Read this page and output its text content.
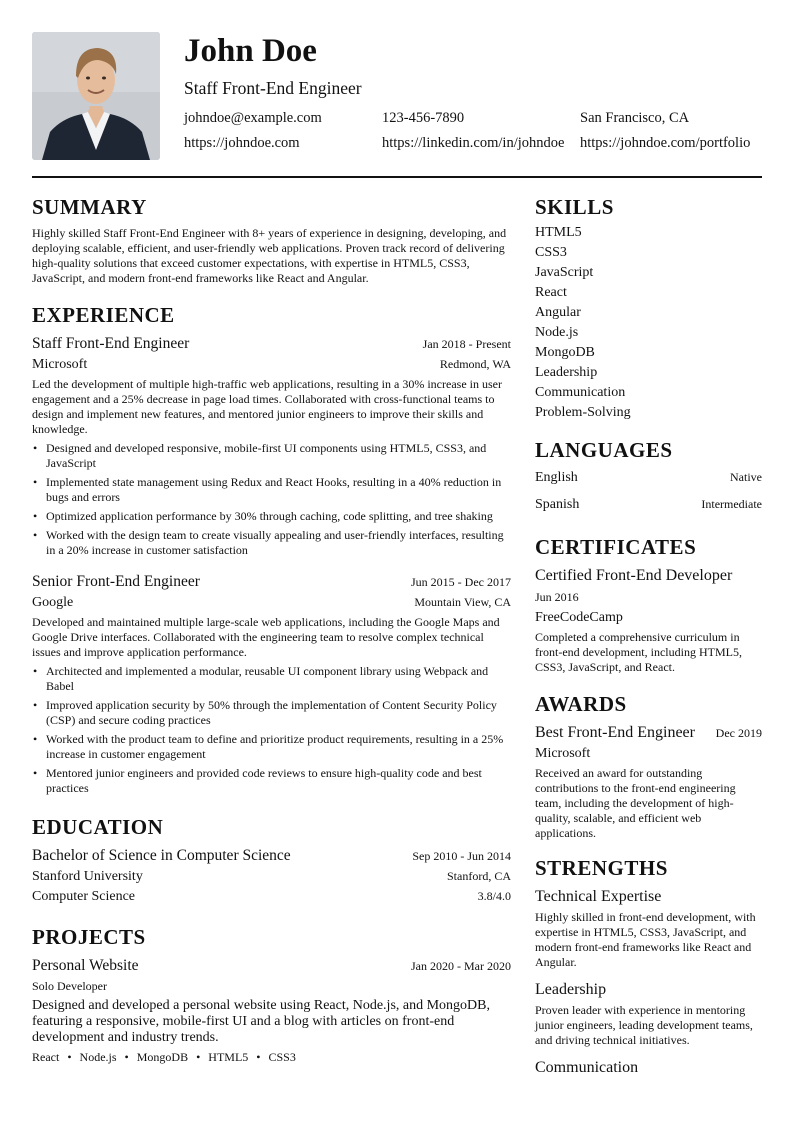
John Doe
Staff Front-End Engineer
johndoe@example.com	123-456-7890	San Francisco, CA
https://johndoe.com	https://linkedin.com/in/johndoe https://johndoe.com/portfolio
SUMMARY
Highly skilled Staff Front-End Engineer with 8+ years of experience in designing, developing, and deploying scalable, efficient, and user-friendly web applications. Proven track record of delivering high-quality solutions that exceed customer expectations, with expertise in HTML5, CSS3, JavaScript, and modern front-end frameworks like React and Angular.
EXPERIENCE
Staff Front-End Engineer	Jan 2018 - Present
Microsoft	Redmond, WA
Led the development of multiple high-traffic web applications, resulting in a 30% increase in user engagement and a 25% decrease in page load times. Collaborated with cross-functional teams to design and implement new features, and mentored junior engineers to improve their skills and knowledge.
• Designed and developed responsive, mobile-first UI components using HTML5, CSS3, and JavaScript
• Implemented state management using Redux and React Hooks, resulting in a 40% reduction in bugs and errors
• Optimized application performance by 30% through caching, code splitting, and tree shaking
• Worked with the design team to create visually appealing and user-friendly interfaces, resulting in a 20% increase in customer satisfaction
Senior Front-End Engineer	Jun 2015 - Dec 2017
Google	Mountain View, CA
Developed and maintained multiple large-scale web applications, including the Google Maps and Google Drive interfaces. Collaborated with the engineering team to resolve complex technical issues and improve application performance.
• Architected and implemented a modular, reusable UI component library using Webpack and Babel
• Improved application security by 50% through the implementation of Content Security Policy (CSP) and secure coding practices
• Worked with the product team to define and prioritize product requirements, resulting in a 25% increase in customer engagement
• Mentored junior engineers and provided code reviews to ensure high-quality code and best practices
EDUCATION
Bachelor of Science in Computer Science	Sep 2010 - Jun 2014
Stanford University	Stanford, CA
Computer Science	3.8/4.0
PROJECTS
Personal Website	Jan 2020 - Mar 2020
Solo Developer
Designed and developed a personal website using React, Node.js, and MongoDB, featuring a responsive, mobile-first UI and a blog with articles on front-end development and industry trends.
React • Node.js • MongoDB • HTML5 • CSS3
SKILLS
HTML5
CSS3
JavaScript
React
Angular
Node.js
MongoDB
Leadership
Communication
Problem-Solving
LANGUAGES
English	Native
Spanish	Intermediate
CERTIFICATES
Certified Front-End Developer
Jun 2016
FreeCodeCamp
Completed a comprehensive curriculum in front-end development, including HTML5, CSS3, JavaScript, and React.
AWARDS
Best Front-End Engineer Dec 2019
Microsoft
Received an award for outstanding contributions to the front-end engineering team, including the development of high-quality, scalable, and efficient web applications.
STRENGTHS
Technical Expertise
Highly skilled in front-end development, with expertise in HTML5, CSS3, JavaScript, and modern front-end frameworks like React and Angular.
Leadership
Proven leader with experience in mentoring junior engineers, leading development teams, and driving technical initiatives.
Communication
